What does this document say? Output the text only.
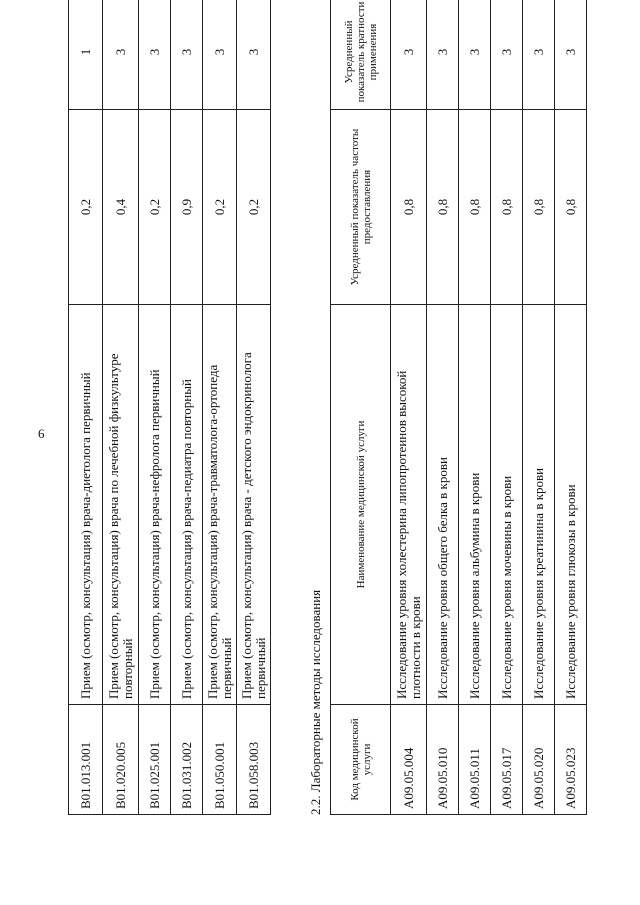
6
B01.013.001	Прием (осмотр, консультация) врача-диетолога первичный	0,2	1
B01.020.005	Прием (осмотр, консультация) врача по лечебной физкультуре повторный	0,4	3
B01.025.001	Прием (осмотр, консультация) врача-нефролога первичный	0,2	3
B01.031.002	Прием (осмотр, консультация) врача-педиатра повторный	0,9	3
B01.050.001	Прием (осмотр, консультация) врача-травматолога-ортопеда первичный	0,2	3
B01.058.003	Прием (осмотр, консультация) врача - детского эндокринолога первичный	0,2	3
2.2. Лабораторные методы исследования Код медицинской услуги	Наименование медицинской услуги	Усредненный показатель частоты предоставления	Усредненный показатель кратности применения
A09.05.004	Исследование уровня холестерина липопротеинов высокой плотности в крови	0,8	3
A09.05.010	Исследование уровня общего белка в крови	0,8	3
A09.05.011	Исследование уровня альбумина в крови	0,8	3
A09.05.017	Исследование уровня мочевины в крови	0,8	3
A09.05.020	Исследование уровня креатинина в крови	0,8	3
A09.05.023	Исследование уровня глюкозы в крови	0,8	3
